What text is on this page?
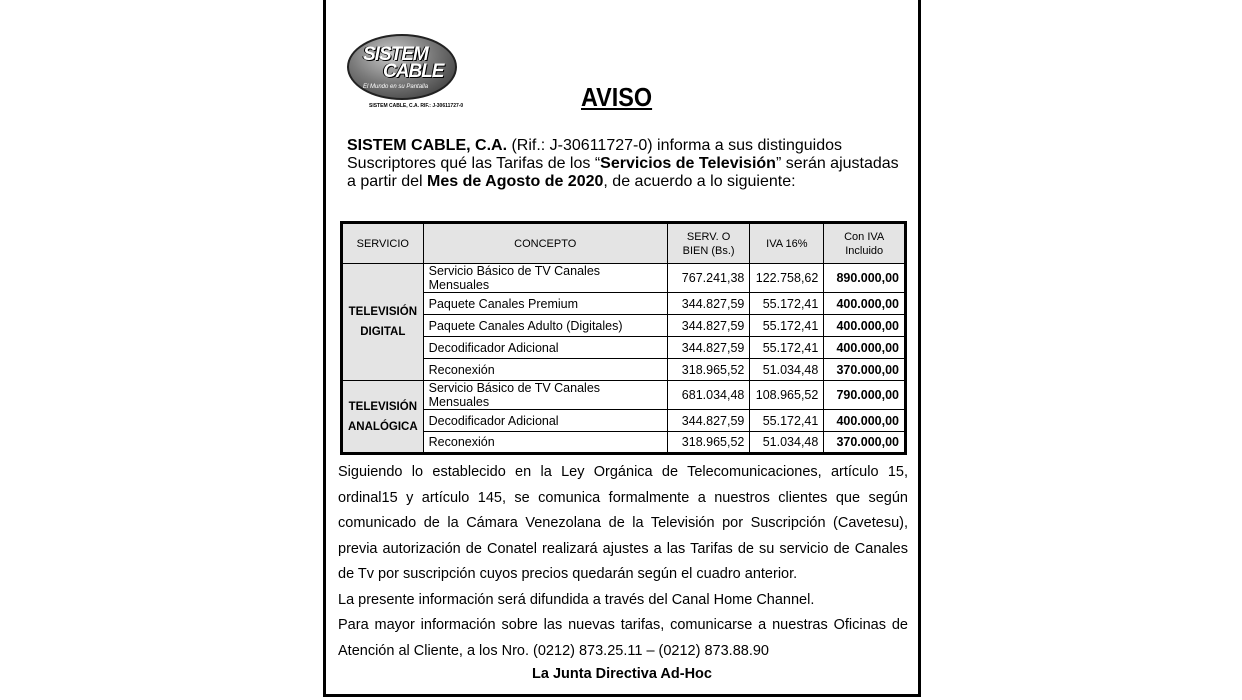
SISTEM
CABLE
El Mundo en su Pantalla
SISTEM CABLE, C.A. RIF.: J-30611727-0	AVISO
SISTEM CABLE, C.A. (Rif.: J-30611727-0) informa a sus distinguidos Suscriptores qué las Tarifas de los “Servicios de Televisión” serán ajustadas a partir del Mes de Agosto de 2020, de acuerdo a lo siguiente:
SERVICIO	CONCEPTO	SERV. O BIEN (Bs.)	IVA 16%	Con IVA Incluido
TELEVISIÓN DIGITAL	Servicio Básico de TV Canales Mensuales	767.241,38	122.758,62	890.000,00
	Paquete Canales Premium	344.827,59	55.172,41	400.000,00
	Paquete Canales Adulto (Digitales)	344.827,59	55.172,41	400.000,00
	Decodificador Adicional	344.827,59	55.172,41	400.000,00
	Reconexión	318.965,52	51.034,48	370.000,00
TELEVISIÓN ANALÓGICA	Servicio Básico de TV Canales Mensuales	681.034,48	108.965,52	790.000,00
	Decodificador Adicional	344.827,59	55.172,41	400.000,00
	Reconexión	318.965,52	51.034,48	370.000,00

Siguiendo lo establecido en la Ley Orgánica de Telecomunicaciones, artículo 15, ordinal15 y artículo 145, se comunica formalmente a nuestros clientes que según comunicado de la Cámara Venezolana de la Televisión por Suscripción (Cavetesu), previa autorización de Conatel realizará ajustes a las Tarifas de su servicio de Canales de Tv por suscripción cuyos precios quedarán según el cuadro anterior.

La presente información será difundida a través del Canal Home Channel.

Para mayor información sobre las nuevas tarifas, comunicarse a nuestras Oficinas de Atención al Cliente, a los Nro. (0212) 873.25.11 – (0212) 873.88.90

La Junta Directiva Ad-Hoc
